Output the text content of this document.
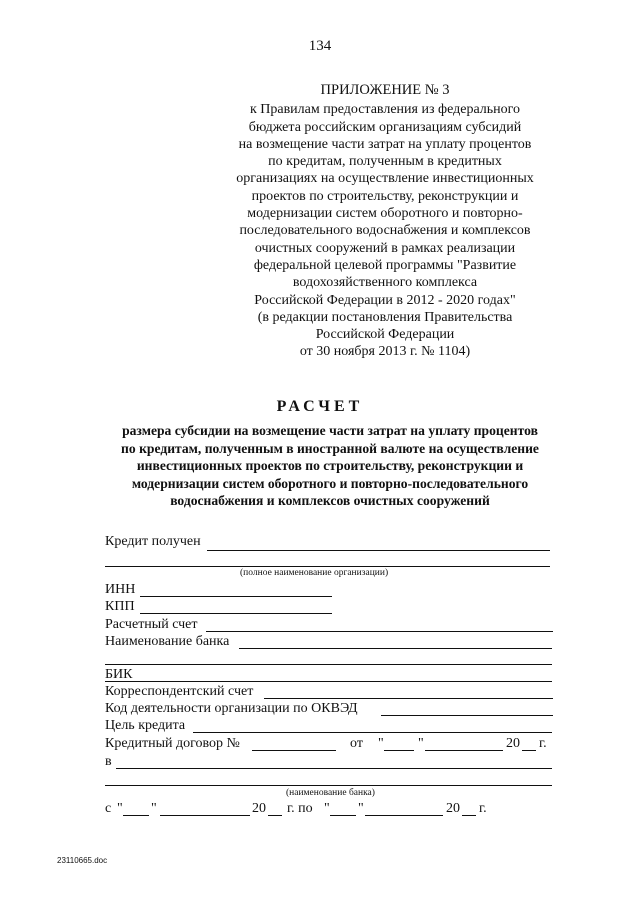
134
ПРИЛОЖЕНИЕ № 3
к Правилам предоставления из федерального
бюджета российским организациям субсидий
на возмещение части затрат на уплату процентов
по кредитам, полученным в кредитных
организациях на осуществление инвестиционных
проектов по строительству, реконструкции и
модернизации систем оборотного и повторно-
последовательного водоснабжения и комплексов
очистных сооружений в рамках реализации
федеральной целевой программы "Развитие
водохозяйственного комплекса
Российской Федерации в 2012 - 2020 годах"
(в редакции постановления Правительства
Российской Федерации
от 30 ноября 2013 г. № 1104)
РАСЧЕТ
размера субсидии на возмещение части затрат на уплату процентов
по кредитам, полученным в иностранной валюте на осуществление
инвестиционных проектов по строительству, реконструкции и
модернизации систем оборотного и повторно-последовательного
водоснабжения и комплексов очистных сооружений
Кредит получен
(полное наименование организации)
ИНН
КПП
Расчетный счет
Наименование банка
БИК
Корреспондентский счет
Код деятельности организации по ОКВЭД
Цель кредита
Кредитный договор №	от " "	20 г.
в
(наименование банка)
с " "	20 г. по " "	20 г.
23110665.doc
